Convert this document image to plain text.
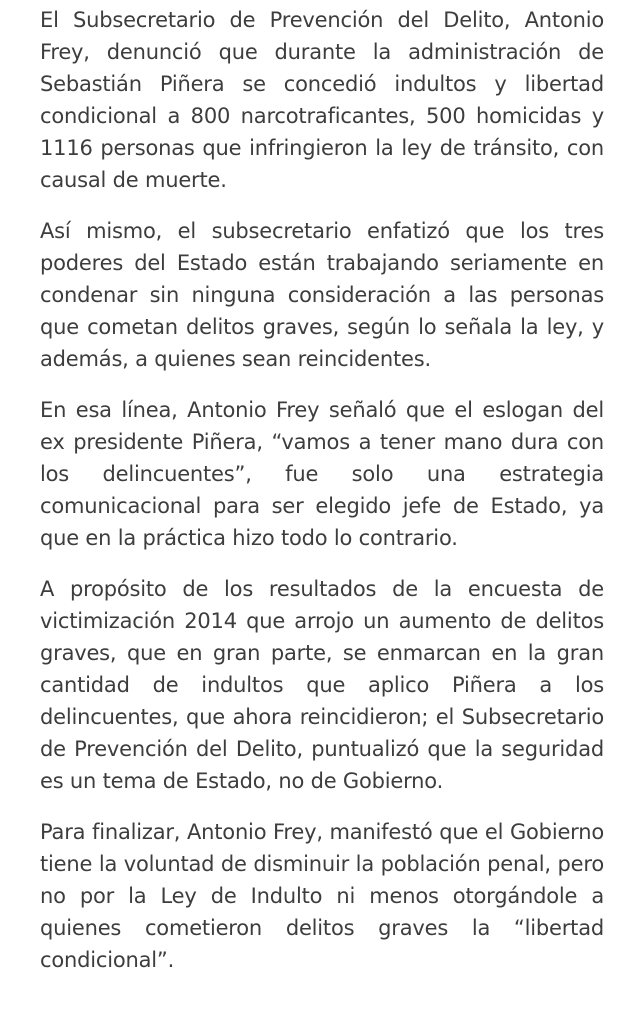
El Subsecretario de Prevención del Delito, Antonio Frey, denunció que durante la administración de Sebastián Piñera se concedió indultos y libertad condicional a 800 narcotraficantes, 500 homicidas y 1116 personas que infringieron la ley de tránsito, con causal de muerte.

Así mismo, el subsecretario enfatizó que los tres poderes del Estado están trabajando seriamente en condenar sin ninguna consideración a las personas que cometan delitos graves, según lo señala la ley, y además, a quienes sean reincidentes.

En esa línea, Antonio Frey señaló que el eslogan del ex presidente Piñera, “vamos a tener mano dura con los delincuentes”, fue solo una estrategia comunicacional para ser elegido jefe de Estado, ya que en la práctica hizo todo lo contrario.

A propósito de los resultados de la encuesta de victimización 2014 que arrojo un aumento de delitos graves, que en gran parte, se enmarcan en la gran cantidad de indultos que aplico Piñera a los delincuentes, que ahora reincidieron; el Subsecretario de Prevención del Delito, puntualizó que la seguridad es un tema de Estado, no de Gobierno.

Para finalizar, Antonio Frey, manifestó que el Gobierno tiene la voluntad de disminuir la población penal, pero no por la Ley de Indulto ni menos otorgándole a quienes cometieron delitos graves la “libertad condicional”.
